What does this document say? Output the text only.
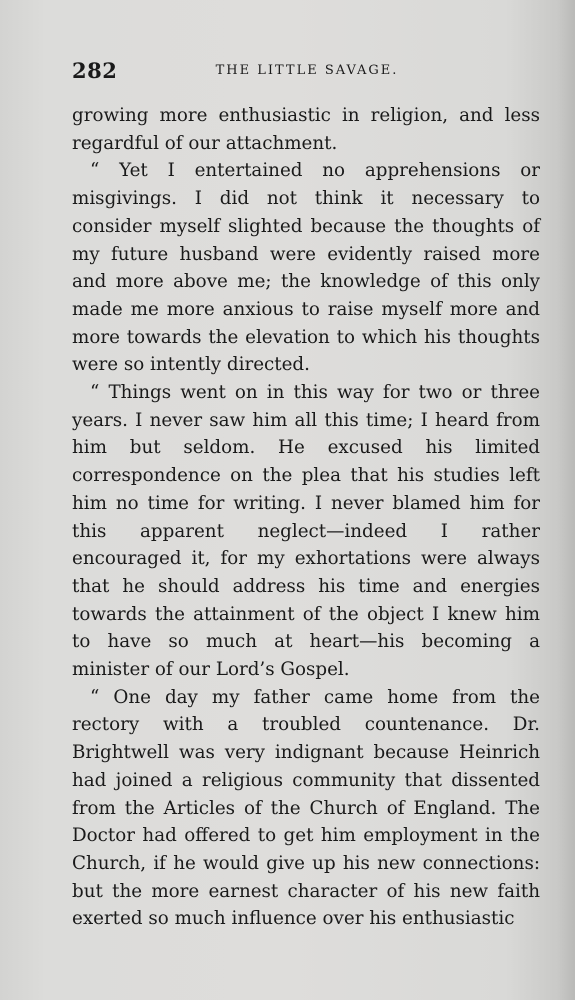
282	THE LITTLE SAVAGE.

growing more enthusiastic in religion, and less regardful of our attachment.

“ Yet I entertained no apprehensions or misgivings. I did not think it necessary to consider myself slighted because the thoughts of my future husband were evidently raised more and more above me; the knowledge of this only made me more anxious to raise myself more and more towards the elevation to which his thoughts were so intently directed.

“ Things went on in this way for two or three years. I never saw him all this time; I heard from him but seldom. He excused his limited correspondence on the plea that his studies left him no time for writing. I never blamed him for this apparent neglect—indeed I rather encouraged it, for my exhortations were always that he should address his time and energies towards the attainment of the object I knew him to have so much at heart—his becoming a minister of our Lord’s Gospel.

“ One day my father came home from the rectory with a troubled countenance. Dr. Brightwell was very indignant because Heinrich had joined a religious community that dissented from the Articles of the Church of England. The Doctor had offered to get him employment in the Church, if he would give up his new connections: but the more earnest character of his new faith exerted so much influence over his enthusiastic
